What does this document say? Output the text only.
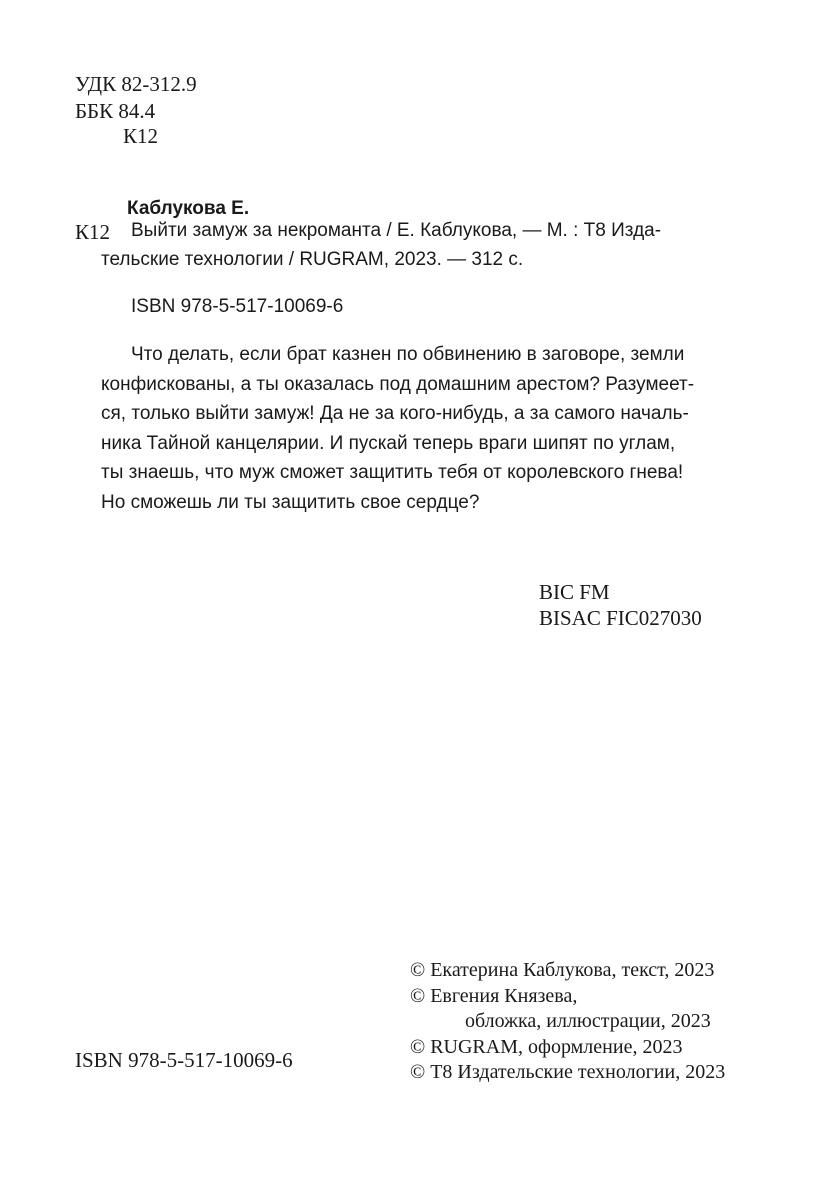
УДК 82-312.9
ББК 84.4
К12
Каблукова Е.
К12 Выйти замуж за некроманта / Е. Каблукова, — М. : Т8 Изда-
тельские технологии / RUGRAM, 2023. — 312 с.
ISBN 978-5-517-10069-6
Что делать, если брат казнен по обвинению в заговоре, земли
конфискованы, а ты оказалась под домашним арестом? Разумеет-
ся, только выйти замуж! Да не за кого-нибудь, а за самого началь-
ника Тайной канцелярии. И пускай теперь враги шипят по углам,
ты знаешь, что муж сможет защитить тебя от королевского гнева!
Но сможешь ли ты защитить свое сердце?
BIC FM
BISAC FIC027030
© Екатерина Каблукова, текст, 2023
© Евгения Князева,
обложка, иллюстрации, 2023
© RUGRAM, оформление, 2023
© Т8 Издательские технологии, 2023
ISBN 978-5-517-10069-6
